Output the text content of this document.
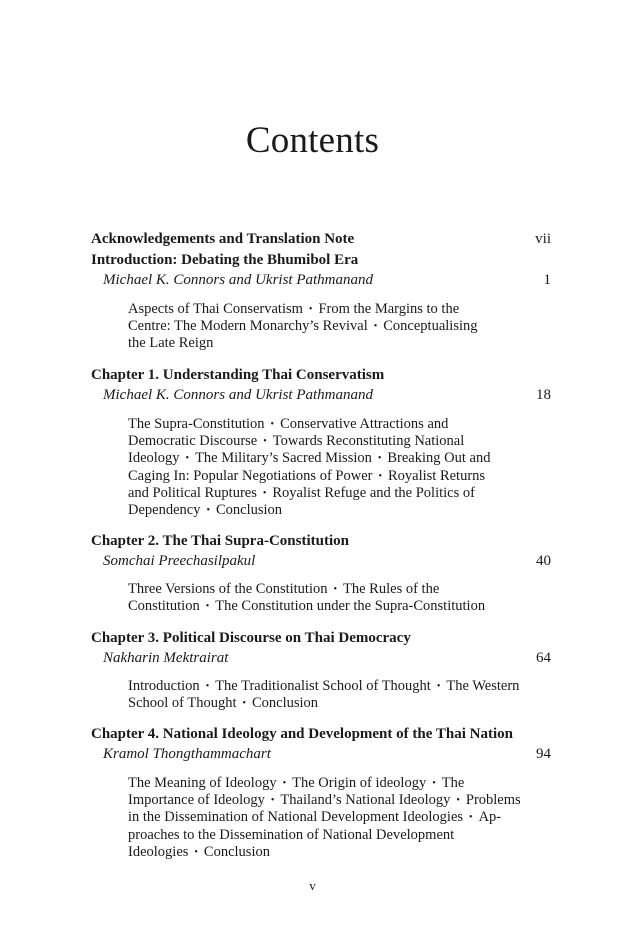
Contents
Acknowledgements and Translation Note	vii
Introduction: Debating the Bhumibol Era
Michael K. Connors and Ukrist Pathmanand	1
Aspects of Thai Conservatism • From the Margins to the
Centre: The Modern Monarchy’s Revival • Conceptualising
the Late Reign
Chapter 1. Understanding Thai Conservatism
Michael K. Connors and Ukrist Pathmanand	18
The Supra-Constitution • Conservative Attractions and
Democratic Discourse • Towards Reconstituting National
Ideology • The Military’s Sacred Mission • Breaking Out and
Caging In: Popular Negotiations of Power • Royalist Returns
and Political Ruptures • Royalist Refuge and the Politics of
Dependency • Conclusion
Chapter 2. The Thai Supra-Constitution
Somchai Preechasilpakul	40
Three Versions of the Constitution • The Rules of the
Constitution • The Constitution under the Supra-Constitution
Chapter 3. Political Discourse on Thai Democracy
Nakharin Mektrairat	64
Introduction • The Traditionalist School of Thought • The Western
School of Thought • Conclusion
Chapter 4. National Ideology and Development of the Thai Nation
Kramol Thongthammachart	94
The Meaning of Ideology • The Origin of ideology • The
Importance of Ideology • Thailand’s National Ideology • Problems
in the Dissemination of National Development Ideologies • Ap-
proaches to the Dissemination of National Development
Ideologies • Conclusion
v
